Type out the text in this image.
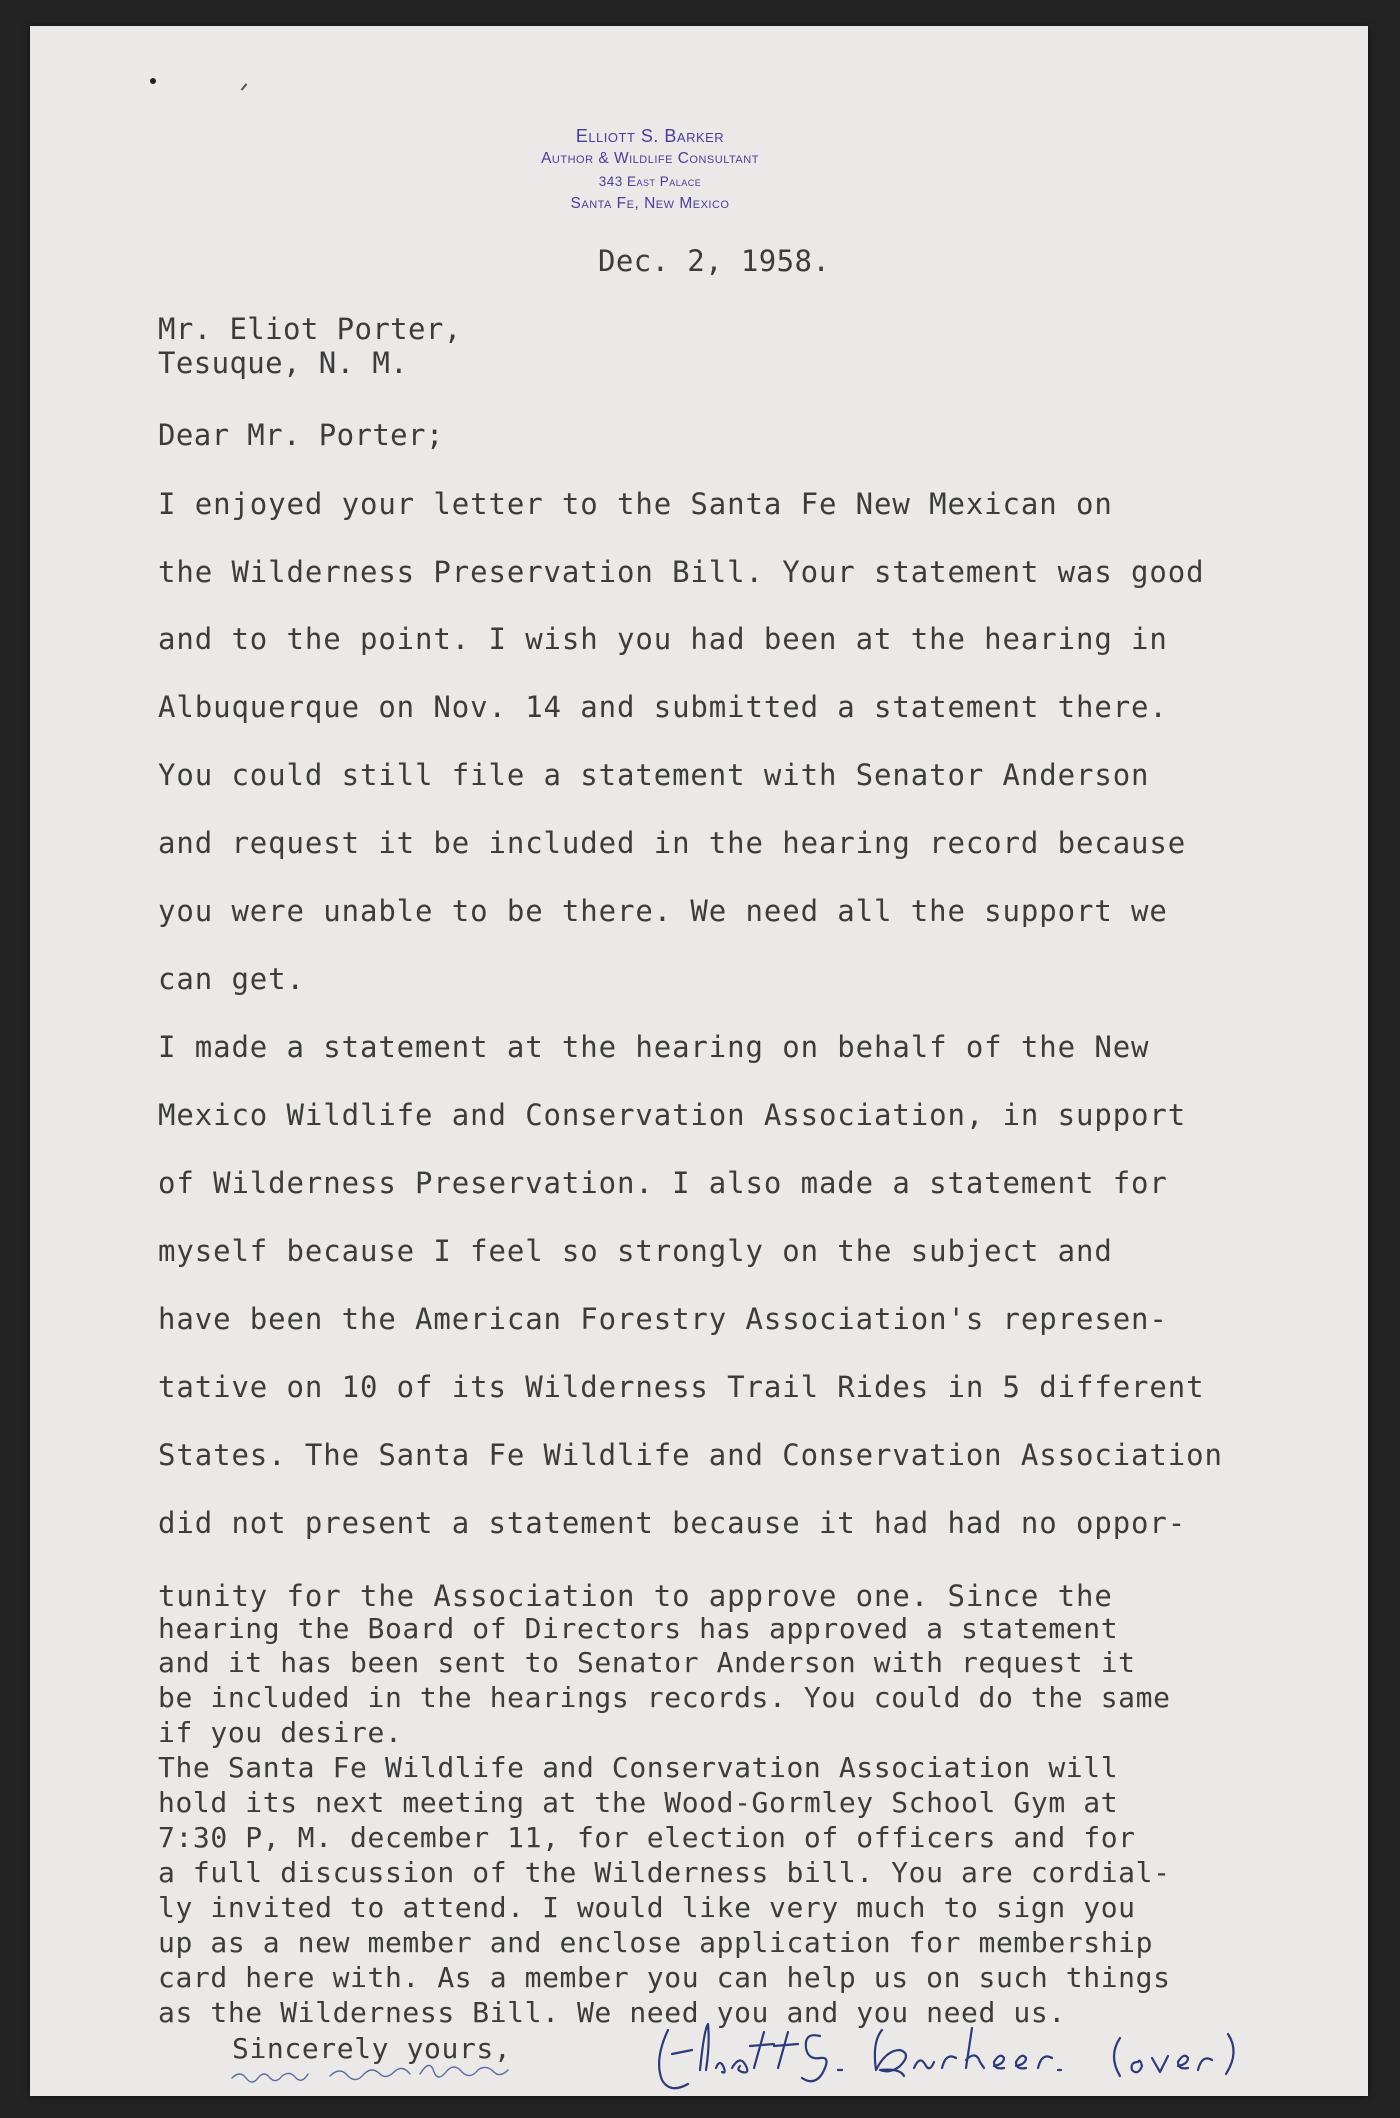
Elliott S. Barker
Author & Wildlife Consultant
343 East Palace
Santa Fe, New Mexico
Dec. 2, 1958.
Mr. Eliot Porter,
Tesuque, N. M.
Dear Mr. Porter;
I enjoyed your letter to the Santa Fe New Mexican on
the Wilderness Preservation Bill. Your statement was good
and to the point. I wish you had been at the hearing in
Albuquerque on Nov. 14 and submitted a statement there.
You could still file a statement with Senator Anderson
and request it be included in the hearing record because
you were unable to be there. We need all the support we
can get.
I made a statement at the hearing on behalf of the New
Mexico Wildlife and Conservation Association, in support
of Wilderness Preservation. I also made a statement for
myself because I feel so strongly on the subject and
have been the American Forestry Association's represen-
tative on 10 of its Wilderness Trail Rides in 5 different
States. The Santa Fe Wildlife and Conservation Association
did not present a statement because it had had no oppor-
tunity for the Association to approve one. Since the
hearing the Board of Directors has approved a statement
and it has been sent to Senator Anderson with request it
be included in the hearings records. You could do the same
if you desire.
The Santa Fe Wildlife and Conservation Association will
hold its next meeting at the Wood-Gormley School Gym at
7:30 P, M. december 11, for election of officers and for
a full discussion of the Wilderness bill. You are cordial-
ly invited to attend. I would like very much to sign you
up as a new member and enclose application for membership
card here with. As a member you can help us on such things
as the Wilderness Bill. We need you and you need us.
Sincerely yours,
